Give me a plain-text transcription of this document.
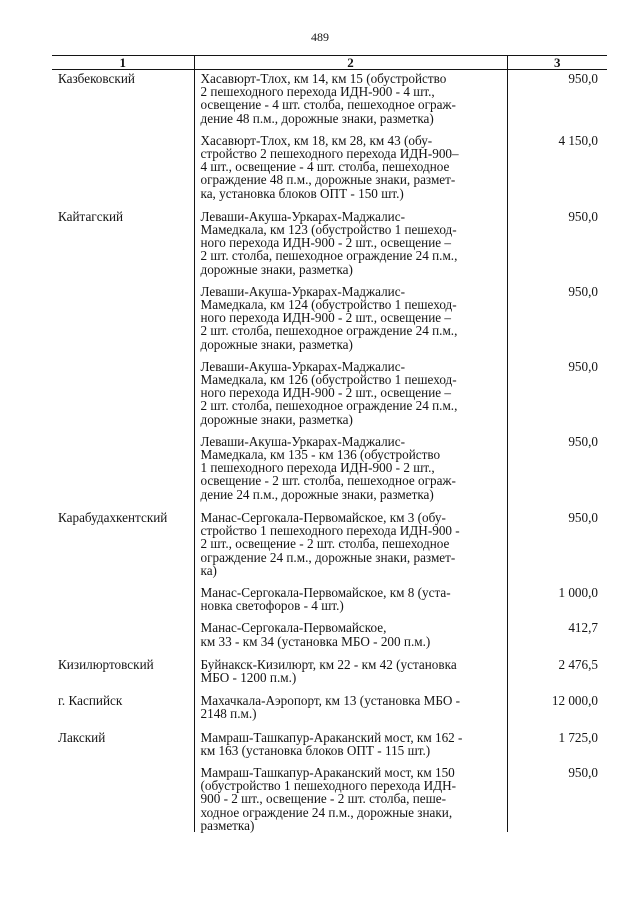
489
1	2	3
Казбековский	Хасавюрт-Тлох, км 14, км 15 (обустройство
2 пешеходного перехода ИДН-900 - 4 шт.,
освещение - 4 шт. столба, пешеходное ограж-
дение 48 п.м., дорожные знаки, разметка)	950,0

	Хасавюрт-Тлох, км 18, км 28, км 43 (обу-
стройство 2 пешеходного перехода ИДН-900–
4 шт., освещение - 4 шт. столба, пешеходное
ограждение 48 п.м., дорожные знаки, размет-
ка, установка блоков ОПТ - 150 шт.)	4 150,0
Кайтагский	Леваши-Акуша-Уркарах-Маджалис-
Мамедкала, км 123 (обустройство 1 пешеход-
ного перехода ИДН-900 - 2 шт., освещение –
2 шт. столба, пешеходное ограждение 24 п.м.,
дорожные знаки, разметка)	950,0

	Леваши-Акуша-Уркарах-Маджалис-
Мамедкала, км 124 (обустройство 1 пешеход-
ного перехода ИДН-900 - 2 шт., освещение –
2 шт. столба, пешеходное ограждение 24 п.м.,
дорожные знаки, разметка)	950,0

	Леваши-Акуша-Уркарах-Маджалис-
Мамедкала, км 126 (обустройство 1 пешеход-
ного перехода ИДН-900 - 2 шт., освещение –
2 шт. столба, пешеходное ограждение 24 п.м.,
дорожные знаки, разметка)	950,0

	Леваши-Акуша-Уркарах-Маджалис-
Мамедкала, км 135 - км 136 (обустройство
1 пешеходного перехода ИДН-900 - 2 шт.,
освещение - 2 шт. столба, пешеходное ограж-
дение 24 п.м., дорожные знаки, разметка)	950,0
Карабудахкентский	Манас-Сергокала-Первомайское, км 3 (обу-
стройство 1 пешеходного перехода ИДН-900 -
2 шт., освещение - 2 шт. столба, пешеходное
ограждение 24 п.м., дорожные знаки, размет-
ка)	950,0

	Манас-Сергокала-Первомайское, км 8 (уста-
новка светофоров - 4 шт.)	1 000,0

	Манас-Сергокала-Первомайское,
км 33 - км 34 (установка МБО - 200 п.м.)	412,7
Кизилюртовский	Буйнакск-Кизилюрт, км 22 - км 42 (установка
МБО - 1200 п.м.)	2 476,5
г. Каспийск	Махачкала-Аэропорт, км 13 (установка МБО -
2148 п.м.)	12 000,0
Лакский	Мамраш-Ташкапур-Араканский мост, км 162 -
км 163 (установка блоков ОПТ - 115 шт.)	1 725,0

	Мамраш-Ташкапур-Араканский мост, км 150
(обустройство 1 пешеходного перехода ИДН-
900 - 2 шт., освещение - 2 шт. столба, пеше-
ходное ограждение 24 п.м., дорожные знаки,
разметка)	950,0
